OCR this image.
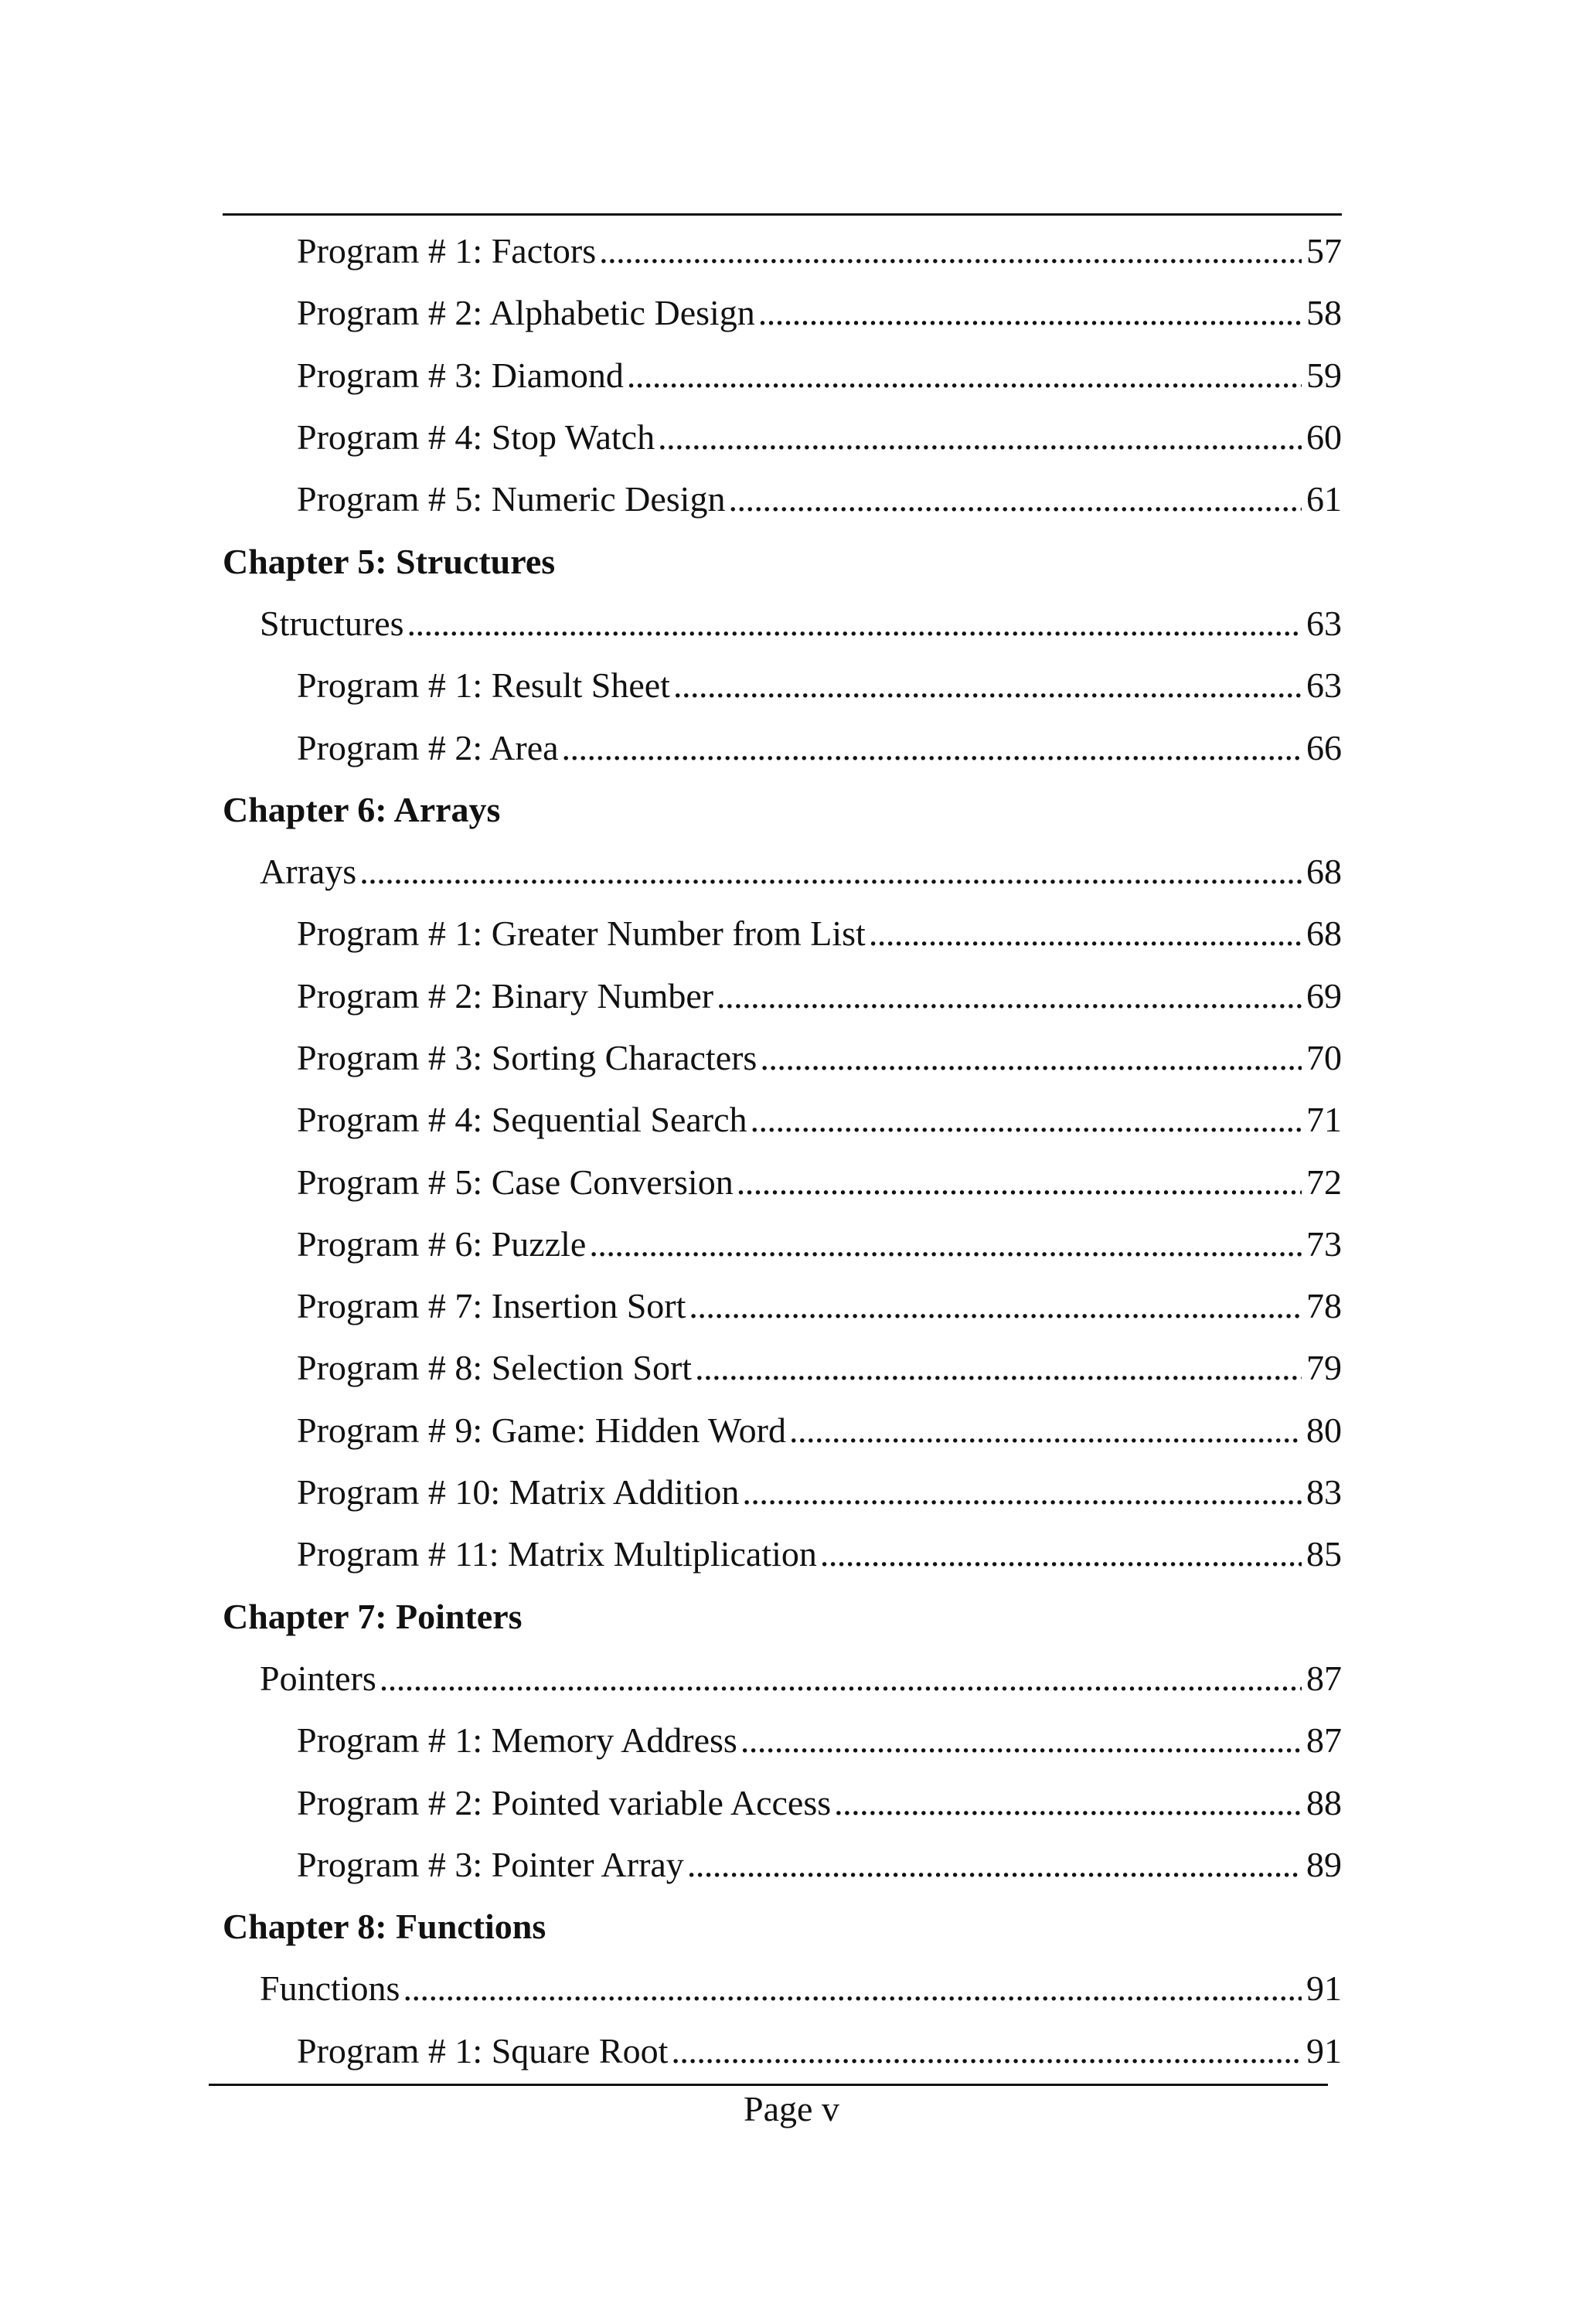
Program # 1: Factors . . .	57
Program # 2: Alphabetic Design . . .	58
Program # 3: Diamond . . .	59
Program # 4: Stop Watch . . .	60
Program # 5: Numeric Design . . .	61
Chapter 5: Structures
Structures . . .	63
Program # 1: Result Sheet . . .	63
Program # 2: Area . . .	66
Chapter 6: Arrays
Arrays . . .	68
Program # 1: Greater Number from List . . .	68
Program # 2: Binary Number . . .	69
Program # 3: Sorting Characters . . .	70
Program # 4: Sequential Search . . .	71
Program # 5: Case Conversion . . .	72
Program # 6: Puzzle . . .	73
Program # 7: Insertion Sort . . .	78
Program # 8: Selection Sort . . .	79
Program # 9: Game: Hidden Word . . .	80
Program # 10: Matrix Addition . . .	83
Program # 11: Matrix Multiplication . . .	85
Chapter 7: Pointers
Pointers . . .	87
Program # 1: Memory Address . . .	87
Program # 2: Pointed variable Access . . .	88
Program # 3: Pointer Array . . .	89
Chapter 8: Functions
Functions . . .	91
Program # 1: Square Root . . .	91
Page v
